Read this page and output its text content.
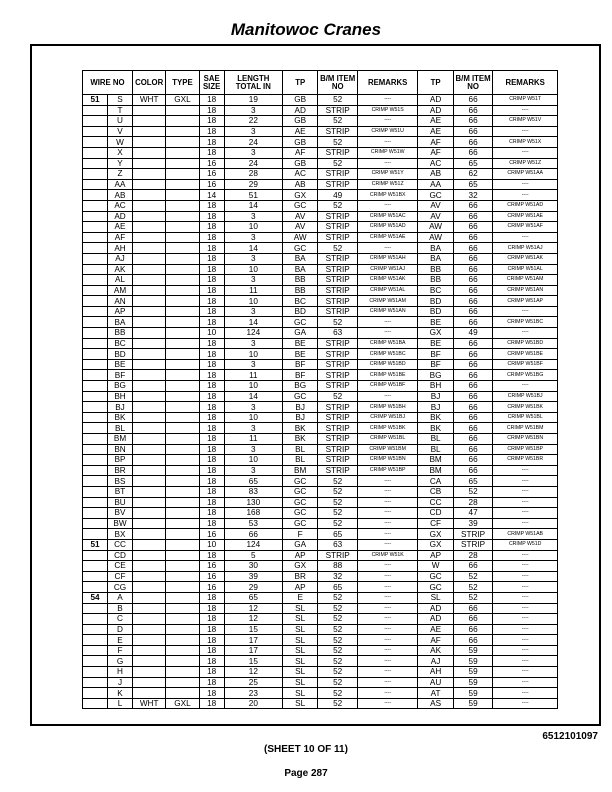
Manitowoc Cranes
WIRE NO		COLOR	TYPE	SAE SIZE	LENGTH TOTAL IN	TP	B/M ITEM NO	REMARKS	TP	B/M ITEM NO	REMARKS
51	S	WHT	GXL	18	19	GB	52	----	AD	66	CRIMP W51T
	T			18	3	AD	STRIP	CRIMP W51S	AD	66	----
	U			18	22	GB	52	----	AE	66	CRIMP W51V
	V			18	3	AE	STRIP	CRIMP W51U	AE	66	----
	W			18	24	GB	52	----	AF	66	CRIMP W51X
	X			18	3	AF	STRIP	CRIMP W51W	AF	66	----
	Y			16	24	GB	52	----	AC	65	CRIMP W51Z
	Z			16	28	AC	STRIP	CRIMP W51Y	AB	62	CRIMP W51AA
	AA			16	29	AB	STRIP	CRIMP W51Z	AA	65	----
	AB			14	51	GX	49	CRIMP W51BX	GC	32	----
	AC			18	14	GC	52	----	AV	66	CRIMP W51AD
	AD			18	3	AV	STRIP	CRIMP W51AC	AV	66	CRIMP W51AE
	AE			18	10	AV	STRIP	CRIMP W51AD	AW	66	CRIMP W51AF
	AF			18	3	AW	STRIP	CRIMP W51AE	AW	66	----
	AH			18	14	GC	52	----	BA	66	CRIMP W51AJ
	AJ			18	3	BA	STRIP	CRIMP W51AH	BA	66	CRIMP W51AK
	AK			18	10	BA	STRIP	CRIMP W51AJ	BB	66	CRIMP W51AL
	AL			18	3	BB	STRIP	CRIMP W51AK	BB	66	CRIMP W51AM
	AM			18	11	BB	STRIP	CRIMP W51AL	BC	66	CRIMP W51AN
	AN			18	10	BC	STRIP	CRIMP W51AM	BD	66	CRIMP W51AP
	AP			18	3	BD	STRIP	CRIMP W51AN	BD	66	----
	BA			18	14	GC	52	----	BE	66	CRIMP W51BC
	BB			10	124	GA	63	----	GX	49	----
	BC			18	3	BE	STRIP	CRIMP W51BA	BE	66	CRIMP W51BD
	BD			18	10	BE	STRIP	CRIMP W51BC	BF	66	CRIMP W51BE
	BE			18	3	BF	STRIP	CRIMP W51BD	BF	66	CRIMP W51BF
	BF			18	11	BF	STRIP	CRIMP W51BE	BG	66	CRIMP W51BG
	BG			18	10	BG	STRIP	CRIMP W51BF	BH	66	----
	BH			18	14	GC	52	----	BJ	66	CRIMP W51BJ
	BJ			18	3	BJ	STRIP	CRIMP W51BH	BJ	66	CRIMP W51BK
	BK			18	10	BJ	STRIP	CRIMP W51BJ	BK	66	CRIMP W51BL
	BL			18	3	BK	STRIP	CRIMP W51BK	BK	66	CRIMP W51BM
	BM			18	11	BK	STRIP	CRIMP W51BL	BL	66	CRIMP W51BN
	BN			18	3	BL	STRIP	CRIMP W51BM	BL	66	CRIMP W51BP
	BP			18	10	BL	STRIP	CRIMP W51BN	BM	66	CRIMP W51BR
	BR			18	3	BM	STRIP	CRIMP W51BP	BM	66	----
	BS			18	65	GC	52	----	CA	65	----
	BT			18	83	GC	52	----	CB	52	----
	BU			18	130	GC	52	----	CC	28	----
	BV			18	168	GC	52	----	CD	47	----
	BW			18	53	GC	52	----	CF	39	----
	BX			16	66	F	65	----	GX	STRIP	CRIMP W51AB
51	CC			10	124	GA	63	----	GX	STRIP	CRIMP W51D
	CD			18	5	AP	STRIP	CRIMP W51K	AP	28	----
	CE			16	30	GX	88	----	W	66	----
	CF			16	39	BR	32	----	GC	52	----
	CG			16	29	AP	65	----	GC	52	----
54	A			18	65	E	52	----	SL	52	----
	B			18	12	SL	52	----	AD	66	----
	C			18	12	SL	52	----	AD	66	----
	D			18	15	SL	52	----	AE	66	----
	E			18	17	SL	52	----	AF	66	----
	F			18	17	SL	52	----	AK	59	----
	G			18	15	SL	52	----	AJ	59	----
	H			18	12	SL	52	----	AH	59	----
	J			18	25	SL	52	----	AU	59	----
	K			18	23	SL	52	----	AT	59	----
	L	WHT	GXL	18	20	SL	52	----	AS	59	----
6512101097
(SHEET 10 OF 11)
Page 287
